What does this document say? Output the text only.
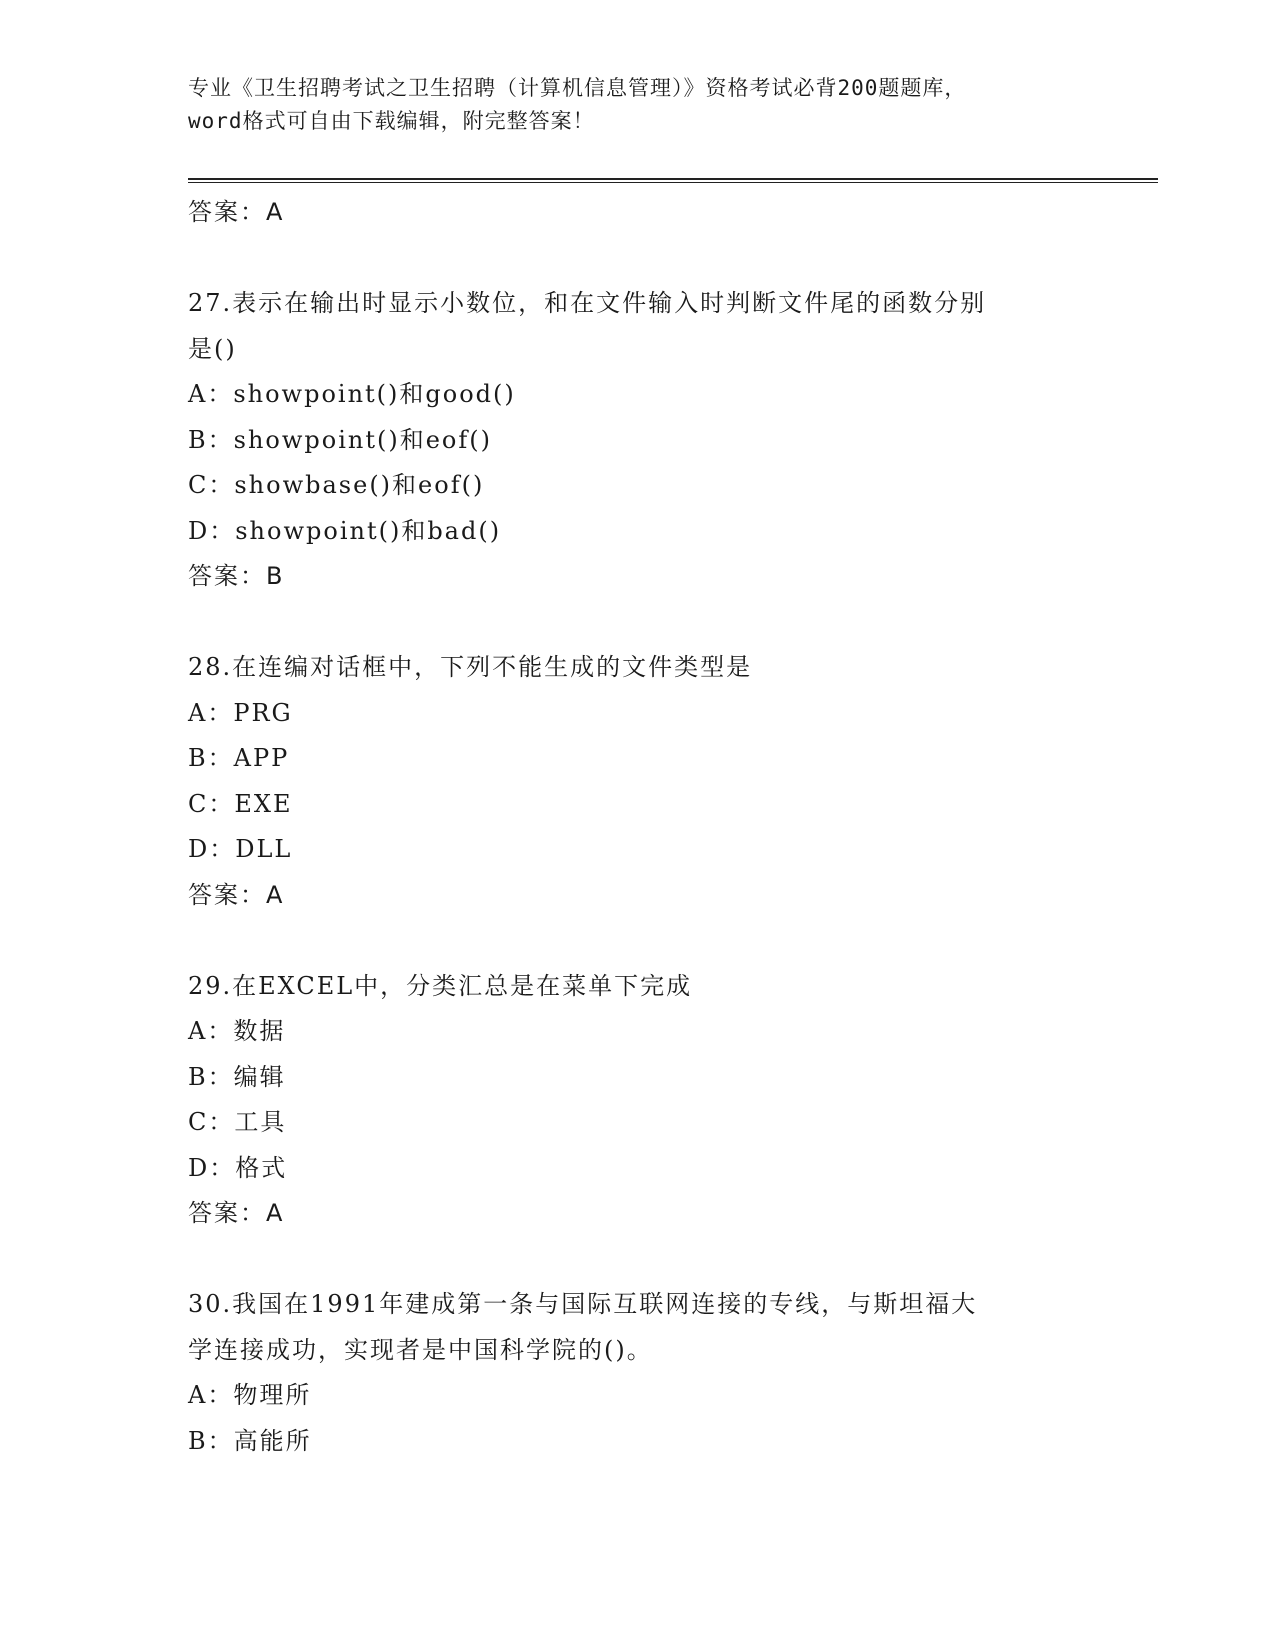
专业《卫生招聘考试之卫生招聘（计算机信息管理）》资格考试必背200题题库，
word格式可自由下载编辑，附完整答案！
答案：A
27.表示在输出时显示小数位，和在文件输入时判断文件尾的函数分别
是()
A：showpoint()和good()
B：showpoint()和eof()
C：showbase()和eof()
D：showpoint()和bad()
答案：B
28.在连编对话框中，下列不能生成的文件类型是
A：PRG
B：APP
C：EXE
D：DLL
答案：A
29.在EXCEL中，分类汇总是在菜单下完成
A：数据
B：编辑
C：工具
D：格式
答案：A
30.我国在1991年建成第一条与国际互联网连接的专线，与斯坦福大
学连接成功，实现者是中国科学院的()。
A：物理所
B：高能所
